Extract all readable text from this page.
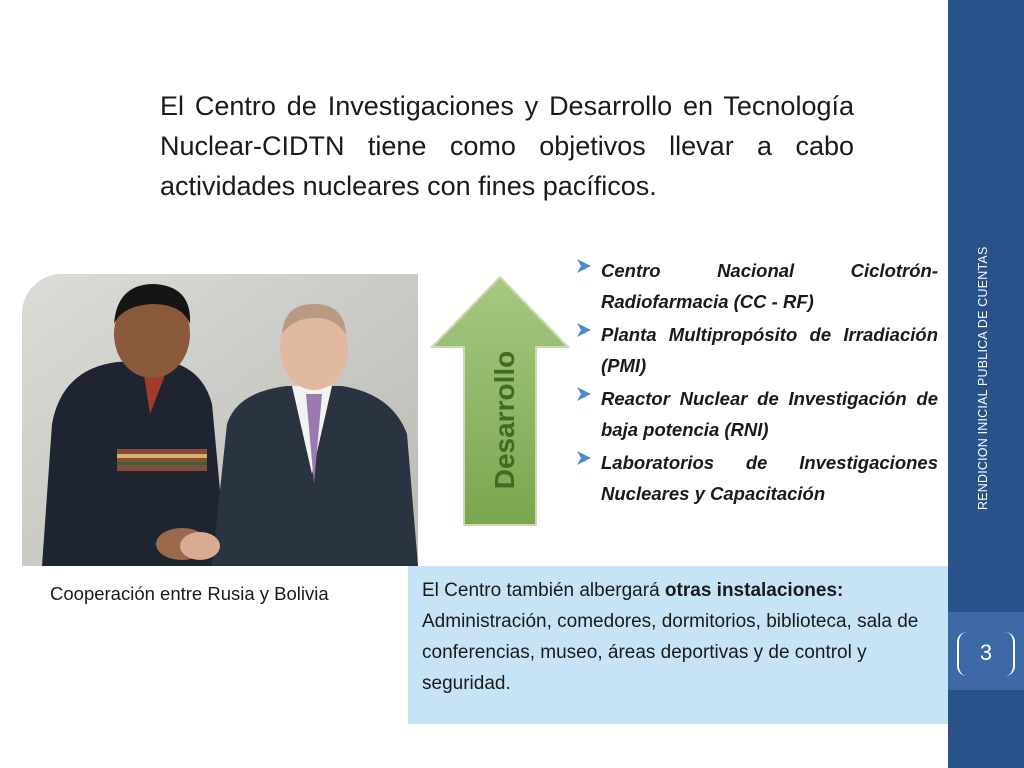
RENDICION INICIAL PUBLICA DE CUENTAS
3
El Centro de Investigaciones y Desarrollo en Tecnología Nuclear-CIDTN tiene como objetivos llevar a cabo actividades nucleares con fines pacíficos.
Cooperación entre Rusia y Bolivia
Desarrollo
Centro Nacional Ciclotrón-Radiofarmacia (CC - RF)
Planta Multipropósito de Irradiación (PMI)
Reactor Nuclear de Investigación de baja potencia (RNI)
Laboratorios de Investigaciones Nucleares y Capacitación
El Centro también albergará otras instalaciones: Administración, comedores, dormitorios, biblioteca, sala de conferencias, museo, áreas deportivas y de control y seguridad.
